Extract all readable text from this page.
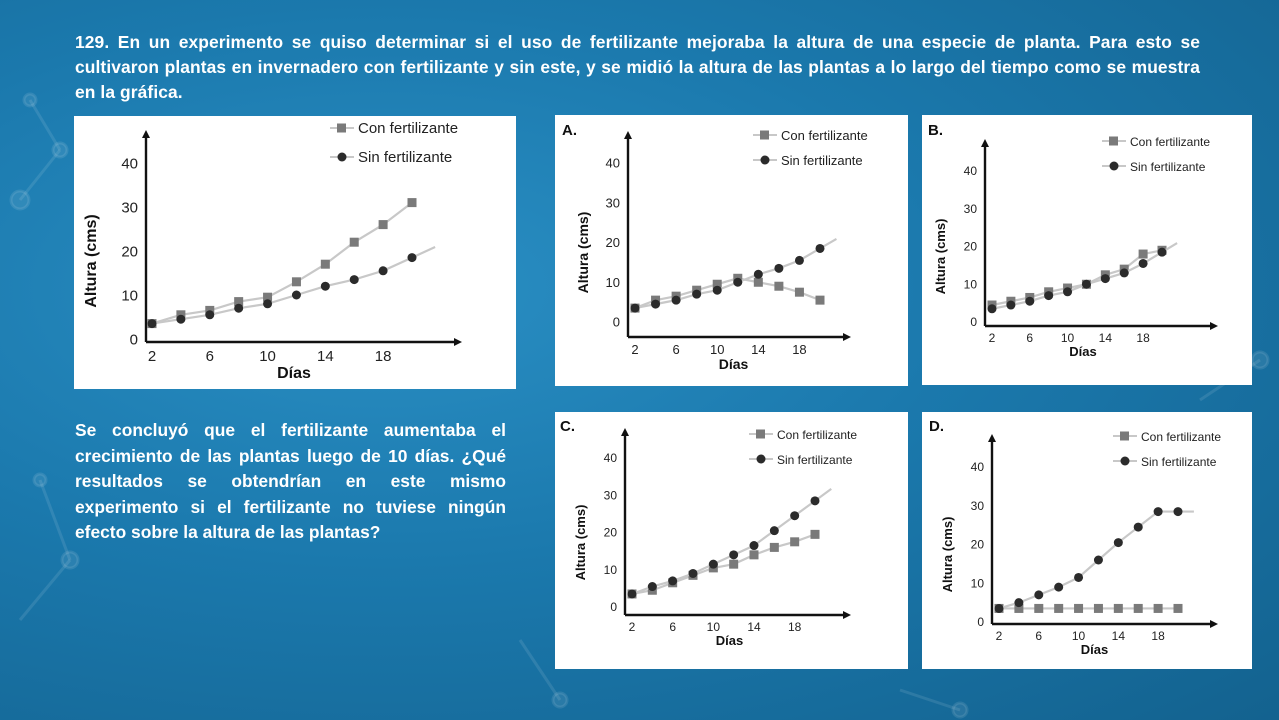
129. En un experimento se quiso determinar si el uso de fertilizante mejoraba la altura de una especie de planta. Para esto se cultivaron plantas en invernadero con fertilizante y sin este, y se midió la altura de las plantas a lo largo del tiempo como se muestra en la gráfica.
Se concluyó que el fertilizante aumentaba el crecimiento de las plantas luego de 10 días. ¿Qué resultados se obtendrían en este mismo experimento si el fertilizante no tuviese ningún efecto sobre la altura de las plantas?
2	6	10	14	18
0
10
20
30
40
Días
Altura (cms)
Con fertilizante
Sin fertilizante
A.
2	6 10 14 18
0
10
20
30
40
Días
Altura (cms)
Con fertilizante
Sin fertilizante
B.
2	6 10 14 18
0
10
20
30
40
Días
Altura (cms)
Con fertilizante
Sin fertilizante
C.
2	6	10 14 18
0
10
20
30
40
Días
Altura (cms)
Con fertilizante
Sin fertilizante
D.
2	6 10 14 18
0
10
20
30
40
Días
Altura (cms)
Con fertilizante
Sin fertilizante
